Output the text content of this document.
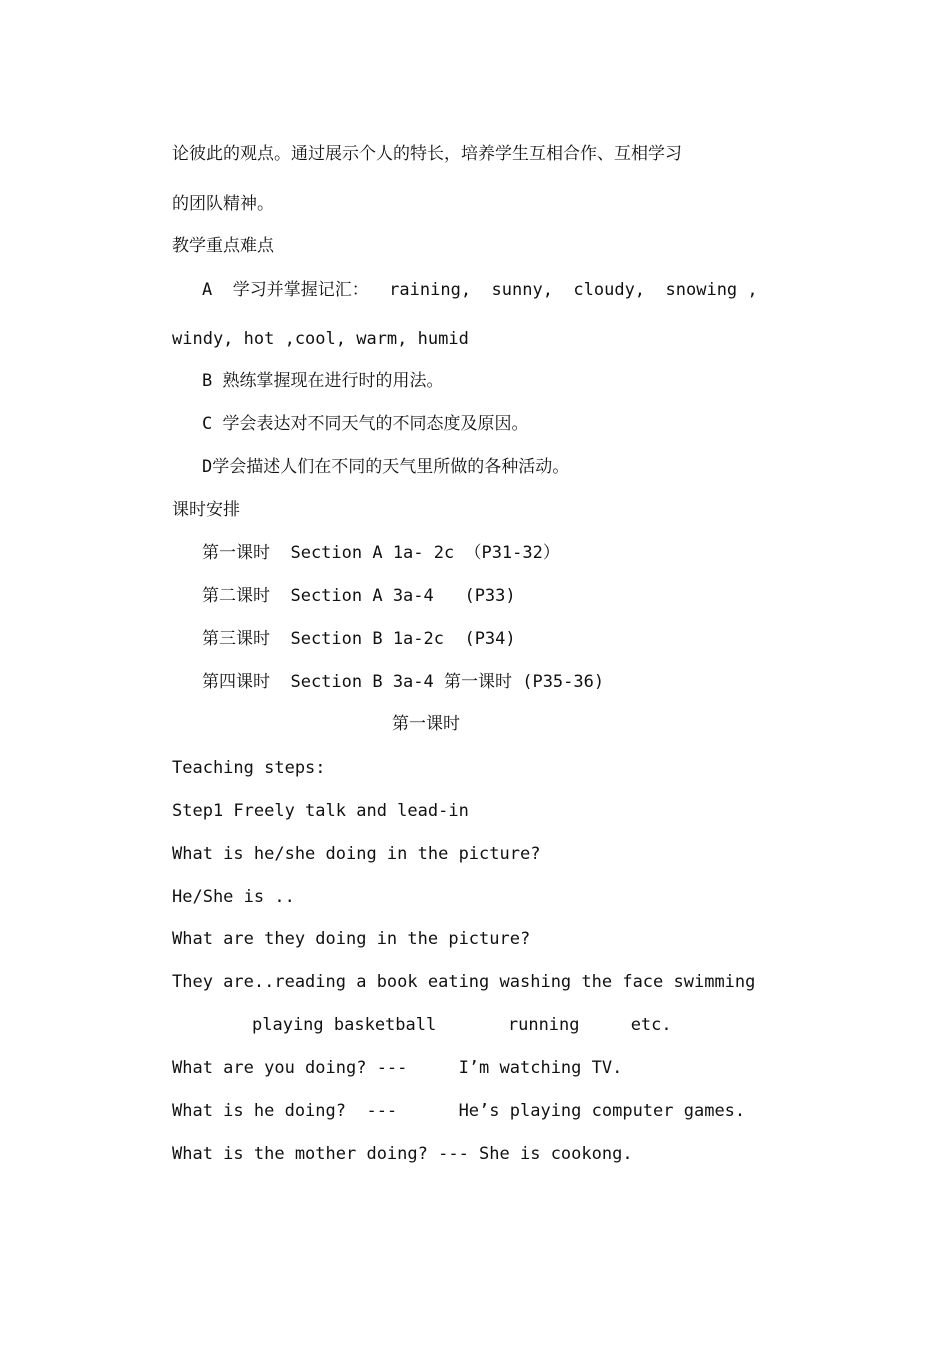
论彼此的观点。通过展示个人的特长，培养学生互相合作、互相学习
的团队精神。
教学重点难点
A  学习并掌握记汇：  raining,  sunny,  cloudy,  snowing ,
windy, hot ,cool, warm, humid
B 熟练掌握现在进行时的用法。
C 学会表达对不同天气的不同态度及原因。
D学会描述人们在不同的天气里所做的各种活动。
课时安排
第一课时  Section A 1a- 2c （P31-32）
第二课时  Section A 3a-4   (P33)
第三课时  Section B 1a-2c  (P34)
第四课时  Section B 3a-4 第一课时 (P35-36)
第一课时
Teaching steps:
Step1 Freely talk and lead-in
What is he/she doing in the picture?
He/She is ..
What are they doing in the picture?
They are..reading a book eating washing the face swimming
playing basketball       running     etc.
What are you doing? ---     I’m watching TV.
What is he doing?  ---      He’s playing computer games.
What is the mother doing? --- She is cookong.
